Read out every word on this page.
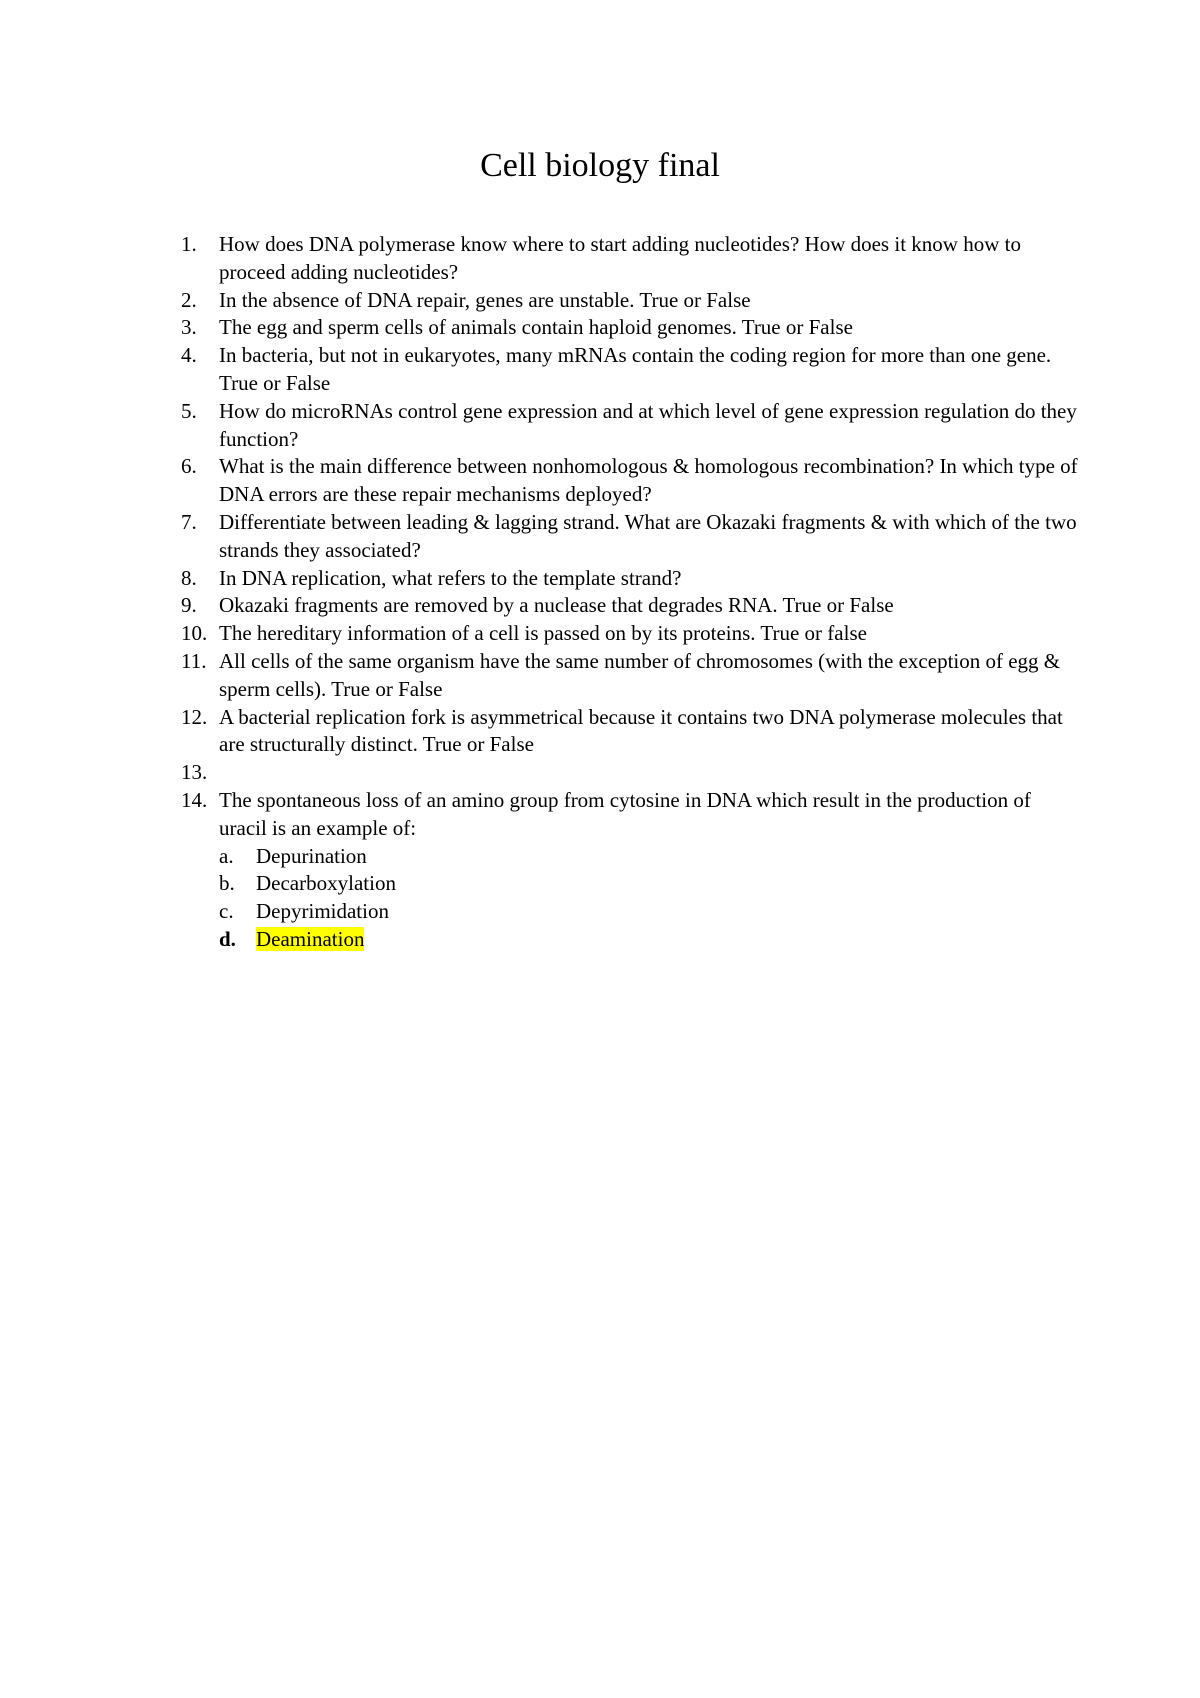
Cell biology final
1.	How does DNA polymerase know where to start adding nucleotides? How does it know how to proceed adding nucleotides?
2.	In the absence of DNA repair, genes are unstable. True or False
3.	The egg and sperm cells of animals contain haploid genomes. True or False
4.	In bacteria, but not in eukaryotes, many mRNAs contain the coding region for more than one gene. True or False
5.	How do microRNAs control gene expression and at which level of gene expression regulation do they function?
6.	What is the main difference between nonhomologous & homologous recombination? In which type of DNA errors are these repair mechanisms deployed?
7.	Differentiate between leading & lagging strand. What are Okazaki fragments & with which of the two strands they associated?
8.	In DNA replication, what refers to the template strand?
9.	Okazaki fragments are removed by a nuclease that degrades RNA. True or False
10. The hereditary information of a cell is passed on by its proteins. True or false
11. All cells of the same organism have the same number of chromosomes (with the exception of egg & sperm cells). True or False
12. A bacterial replication fork is asymmetrical because it contains two DNA polymerase molecules that are structurally distinct. True or False
13.
14. The spontaneous loss of an amino group from cytosine in DNA which result in the production of uracil is an example of:
a.	Depurination
b.	Decarboxylation
c.	Depyrimidation
d. Deamination
